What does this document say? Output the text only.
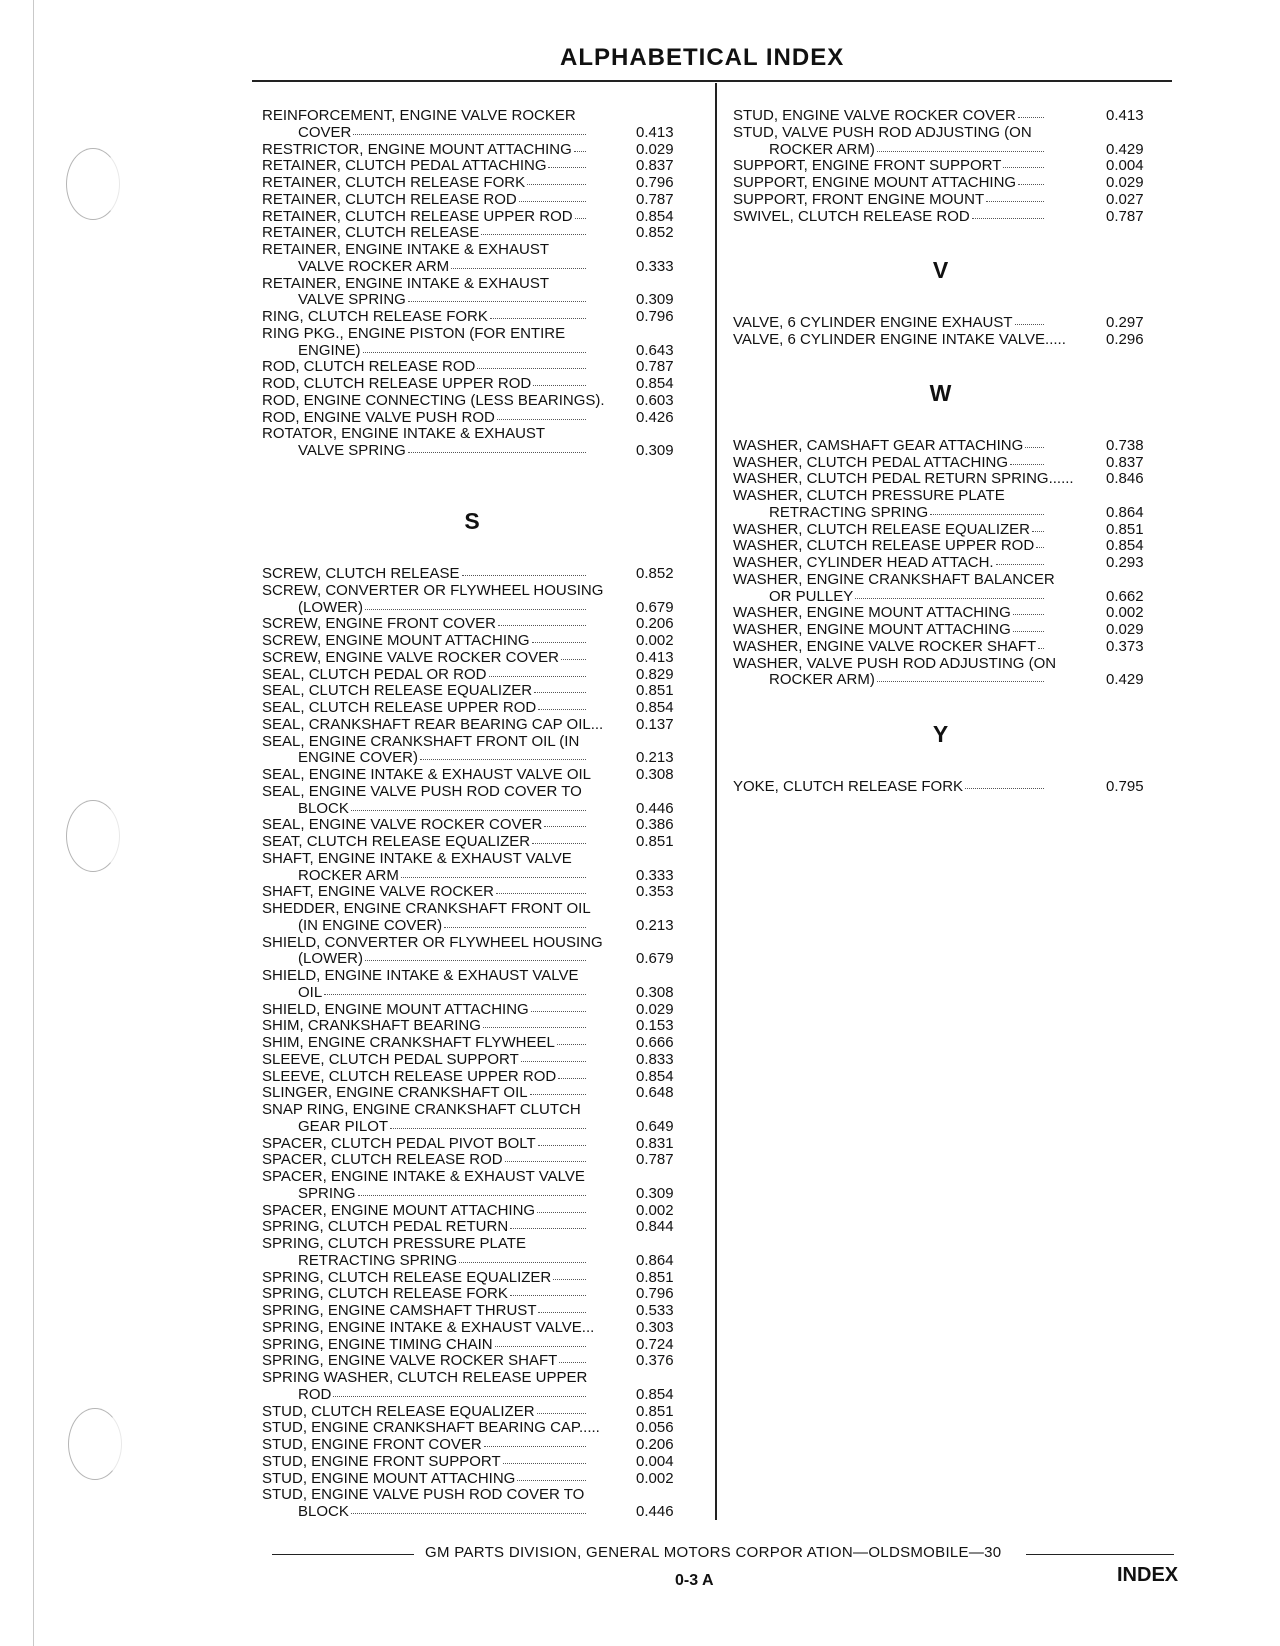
ALPHABETICAL INDEX
REINFORCEMENT, ENGINE VALVE ROCKER
COVER	0.413
RESTRICTOR, ENGINE MOUNT ATTACHING	0.029
RETAINER, CLUTCH PEDAL ATTACHING	0.837
RETAINER, CLUTCH RELEASE FORK	0.796
RETAINER, CLUTCH RELEASE ROD	0.787
RETAINER, CLUTCH RELEASE UPPER ROD	0.854
RETAINER, CLUTCH RELEASE	0.852
RETAINER, ENGINE INTAKE & EXHAUST
VALVE ROCKER ARM	0.333
RETAINER, ENGINE INTAKE & EXHAUST
VALVE SPRING	0.309
RING, CLUTCH RELEASE FORK	0.796
RING PKG., ENGINE PISTON (FOR ENTIRE
ENGINE)	0.643
ROD, CLUTCH RELEASE ROD	0.787
ROD, CLUTCH RELEASE UPPER ROD	0.854
ROD, ENGINE CONNECTING (LESS BEARINGS). 0.603
ROD, ENGINE VALVE PUSH ROD	0.426
ROTATOR, ENGINE INTAKE & EXHAUST
VALVE SPRING	0.309
S
SCREW, CLUTCH RELEASE	0.852
SCREW, CONVERTER OR FLYWHEEL HOUSING
(LOWER)	0.679
SCREW, ENGINE FRONT COVER	0.206
SCREW, ENGINE MOUNT ATTACHING	0.002
SCREW, ENGINE VALVE ROCKER COVER	0.413
SEAL, CLUTCH PEDAL OR ROD	0.829
SEAL, CLUTCH RELEASE EQUALIZER	0.851
SEAL, CLUTCH RELEASE UPPER ROD	0.854
SEAL, CRANKSHAFT REAR BEARING CAP OIL... 0.137
SEAL, ENGINE CRANKSHAFT FRONT OIL (IN
ENGINE COVER)	0.213
SEAL, ENGINE INTAKE & EXHAUST VALVE OIL	0.308
SEAL, ENGINE VALVE PUSH ROD COVER TO
BLOCK	0.446
SEAL, ENGINE VALVE ROCKER COVER	0.386
SEAT, CLUTCH RELEASE EQUALIZER	0.851
SHAFT, ENGINE INTAKE & EXHAUST VALVE
ROCKER ARM	0.333
SHAFT, ENGINE VALVE ROCKER	0.353
SHEDDER, ENGINE CRANKSHAFT FRONT OIL
(IN ENGINE COVER)	0.213
SHIELD, CONVERTER OR FLYWHEEL HOUSING
(LOWER)	0.679
SHIELD, ENGINE INTAKE & EXHAUST VALVE
OIL	0.308
SHIELD, ENGINE MOUNT ATTACHING	0.029
SHIM, CRANKSHAFT BEARING	0.153
SHIM, ENGINE CRANKSHAFT FLYWHEEL	0.666
SLEEVE, CLUTCH PEDAL SUPPORT	0.833
SLEEVE, CLUTCH RELEASE UPPER ROD	0.854
SLINGER, ENGINE CRANKSHAFT OIL	0.648
SNAP RING, ENGINE CRANKSHAFT CLUTCH
GEAR PILOT	0.649
SPACER, CLUTCH PEDAL PIVOT BOLT	0.831
SPACER, CLUTCH RELEASE ROD	0.787
SPACER, ENGINE INTAKE & EXHAUST VALVE
SPRING	0.309
SPACER, ENGINE MOUNT ATTACHING	0.002
SPRING, CLUTCH PEDAL RETURN	0.844
SPRING, CLUTCH PRESSURE PLATE
RETRACTING SPRING	0.864
SPRING, CLUTCH RELEASE EQUALIZER	0.851
SPRING, CLUTCH RELEASE FORK	0.796
SPRING, ENGINE CAMSHAFT THRUST	0.533
SPRING, ENGINE INTAKE & EXHAUST VALVE...	0.303
SPRING, ENGINE TIMING CHAIN	0.724
SPRING, ENGINE VALVE ROCKER SHAFT	0.376
SPRING WASHER, CLUTCH RELEASE UPPER
ROD	0.854
STUD, CLUTCH RELEASE EQUALIZER	0.851
STUD, ENGINE CRANKSHAFT BEARING CAP..... 0.056
STUD, ENGINE FRONT COVER	0.206
STUD, ENGINE FRONT SUPPORT	0.004
STUD, ENGINE MOUNT ATTACHING	0.002
STUD, ENGINE VALVE PUSH ROD COVER TO
BLOCK	0.446
STUD, ENGINE VALVE ROCKER COVER	0.413
STUD, VALVE PUSH ROD ADJUSTING (ON
ROCKER ARM)	0.429
SUPPORT, ENGINE FRONT SUPPORT	0.004
SUPPORT, ENGINE MOUNT ATTACHING	0.029
SUPPORT, FRONT ENGINE MOUNT	0.027
SWIVEL, CLUTCH RELEASE ROD	0.787
V
VALVE, 6 CYLINDER ENGINE EXHAUST	0.297
VALVE, 6 CYLINDER ENGINE INTAKE VALVE.....	0.296
W
WASHER, CAMSHAFT GEAR ATTACHING	0.738
WASHER, CLUTCH PEDAL ATTACHING	0.837
WASHER, CLUTCH PEDAL RETURN SPRING...... 0.846
WASHER, CLUTCH PRESSURE PLATE
RETRACTING SPRING	0.864
WASHER, CLUTCH RELEASE EQUALIZER	0.851
WASHER, CLUTCH RELEASE UPPER ROD	0.854
WASHER, CYLINDER HEAD ATTACH.	0.293
WASHER, ENGINE CRANKSHAFT BALANCER
OR PULLEY	0.662
WASHER, ENGINE MOUNT ATTACHING	0.002
WASHER, ENGINE MOUNT ATTACHING	0.029
WASHER, ENGINE VALVE ROCKER SHAFT	0.373
WASHER, VALVE PUSH ROD ADJUSTING (ON
ROCKER ARM)	0.429
Y
YOKE, CLUTCH RELEASE FORK	0.795
GM PARTS DIVISION, GENERAL MOTORS CORPOR ATION—OLDSMOBILE—30
0-3 A	INDEX
